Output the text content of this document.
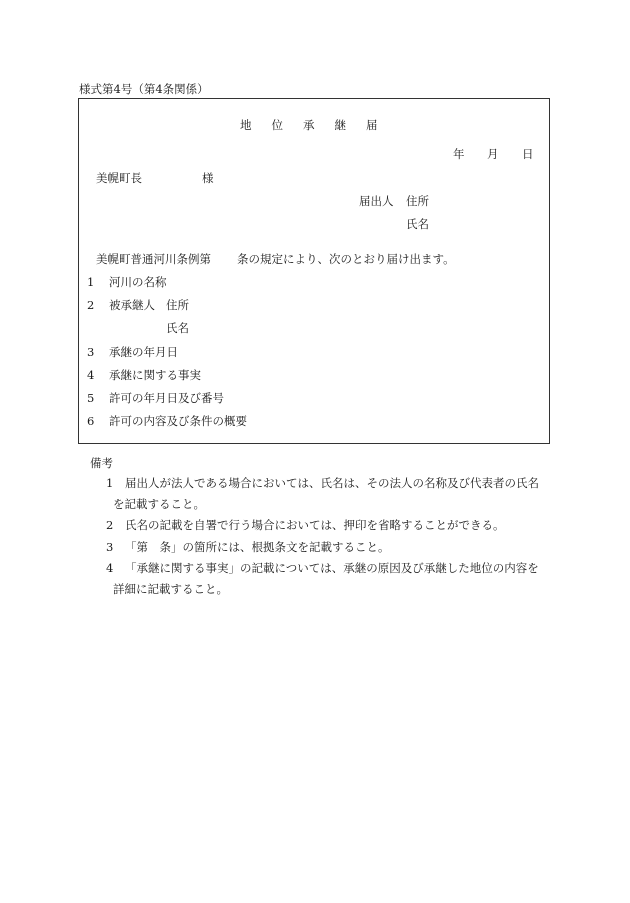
様式第4号（第4条関係）
地位承継届
年 月 日
美幌町長	様
届出人 住所
氏名
美幌町普通河川条例第 条の規定により、次のとおり届け出ます。
1 河川の名称
2 被承継人 住所
氏名
3 承継の年月日
4 承継に関する事実
5 許可の年月日及び番号
6 許可の内容及び条件の概要
備考
1 届出人が法人である場合においては、氏名は、その法人の名称及び代表者の氏名
を記載すること。
2 氏名の記載を自署で行う場合においては、押印を省略することができる。
3 「第　条」の箇所には、根拠条文を記載すること。
4 「承継に関する事実」の記載については、承継の原因及び承継した地位の内容を
詳細に記載すること。
